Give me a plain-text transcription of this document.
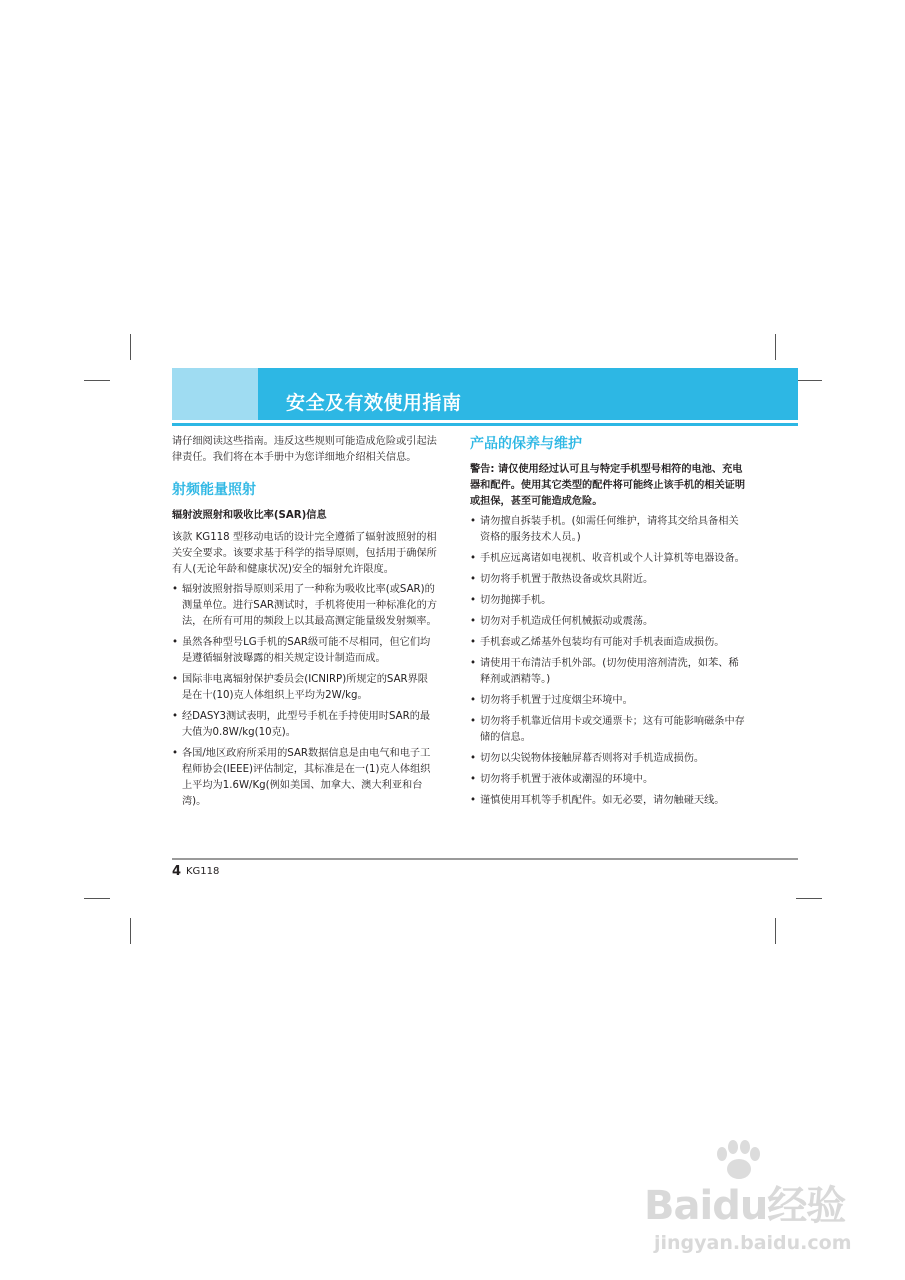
安全及有效使用指南

请仔细阅读这些指南。违反这些规则可能造成危险或引起法律责任。我们将在本手册中为您详细地介绍相关信息。

射频能量照射
辐射波照射和吸收比率(SAR)信息

该款 KG118 型移动电话的设计完全遵循了辐射波照射的相关安全要求。该要求基于科学的指导原则，包括用于确保所有人(无论年龄和健康状况)安全的辐射允许限度。

• 辐射波照射指导原则采用了一种称为吸收比率(或SAR)的测量单位。进行SAR测试时，手机将使用一种标准化的方法，在所有可用的频段上以其最高测定能量级发射频率。
• 虽然各种型号LG手机的SAR级可能不尽相同，但它们均是遵循辐射波曝露的相关规定设计制造而成。
• 国际非电离辐射保护委员会(ICNIRP)所规定的SAR界限是在十(10)克人体组织上平均为2W/kg。
• 经DASY3测试表明，此型号手机在手持使用时SAR的最大值为0.8W/kg(10克)。
• 各国/地区政府所采用的SAR数据信息是由电气和电子工程师协会(IEEE)评估制定，其标准是在一(1)克人体组织上平均为1.6W/Kg(例如美国、加拿大、澳大利亚和台湾)。
产品的保养与维护

警告: 请仅使用经过认可且与特定手机型号相符的电池、充电器和配件。使用其它类型的配件将可能终止该手机的相关证明或担保，甚至可能造成危险。

• 请勿擅自拆装手机。(如需任何维护，请将其交给具备相关资格的服务技术人员。)
• 手机应远离诸如电视机、收音机或个人计算机等电器设备。
• 切勿将手机置于散热设备或炊具附近。
• 切勿抛掷手机。
• 切勿对手机造成任何机械振动或震荡。
• 手机套或乙烯基外包装均有可能对手机表面造成损伤。
• 请使用干布清洁手机外部。(切勿使用溶剂清洗，如苯、稀释剂或酒精等。)
• 切勿将手机置于过度烟尘环境中。
• 切勿将手机靠近信用卡或交通票卡；这有可能影响磁条中存储的信息。
• 切勿以尖锐物体接触屏幕否则将对手机造成损伤。
• 切勿将手机置于液体或潮湿的环境中。
• 谨慎使用耳机等手机配件。如无必要，请勿触碰天线。
4 KG118
Baidu经验
jingyan.baidu.com
